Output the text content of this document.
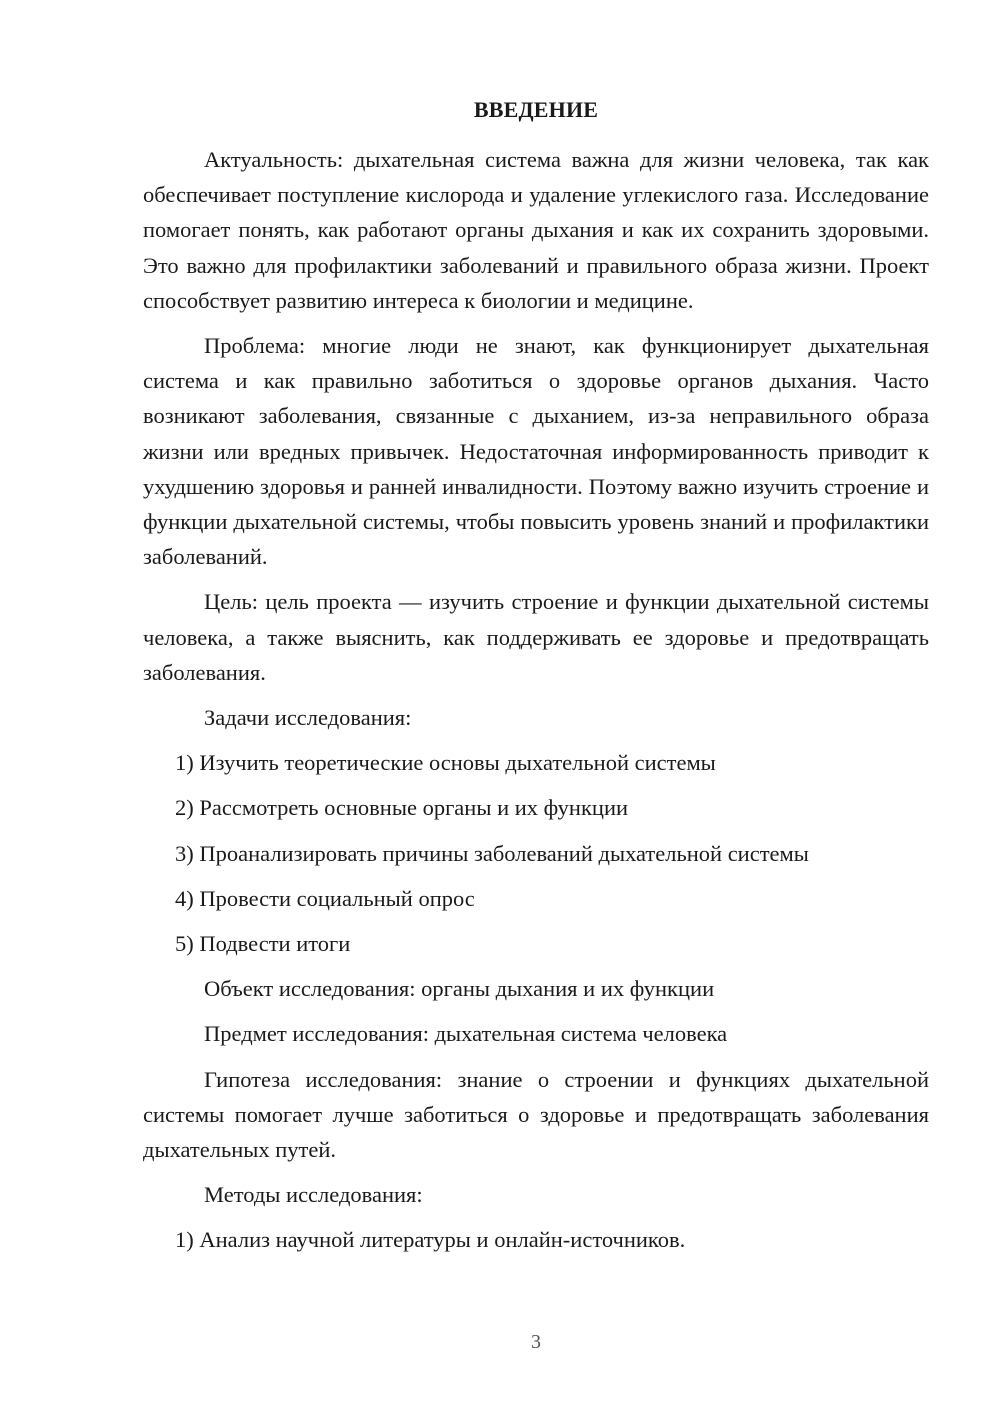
ВВЕДЕНИЕ

Актуальность: дыхательная система важна для жизни человека, так как обеспечивает поступление кислорода и удаление углекислого газа. Исследование помогает понять, как работают органы дыхания и как их сохранить здоровыми. Это важно для профилактики заболеваний и правильного образа жизни. Проект способствует развитию интереса к биологии и медицине.

Проблема: многие люди не знают, как функционирует дыхательная система и как правильно заботиться о здоровье органов дыхания. Часто возникают заболевания, связанные с дыханием, из-за неправильного образа жизни или вредных привычек. Недостаточная информированность приводит к ухудшению здоровья и ранней инвалидности. Поэтому важно изучить строение и функции дыхательной системы, чтобы повысить уровень знаний и профилактики заболеваний.

Цель: цель проекта — изучить строение и функции дыхательной системы человека, а также выяснить, как поддерживать ее здоровье и предотвращать заболевания.

Задачи исследования:

1) Изучить теоретические основы дыхательной системы

2) Рассмотреть основные органы и их функции

3) Проанализировать причины заболеваний дыхательной системы

4) Провести социальный опрос

5) Подвести итоги

Объект исследования: органы дыхания и их функции

Предмет исследования: дыхательная система человека

Гипотеза исследования: знание о строении и функциях дыхательной системы помогает лучше заботиться о здоровье и предотвращать заболевания дыхательных путей.

Методы исследования:

1) Анализ научной литературы и онлайн-источников.

3
